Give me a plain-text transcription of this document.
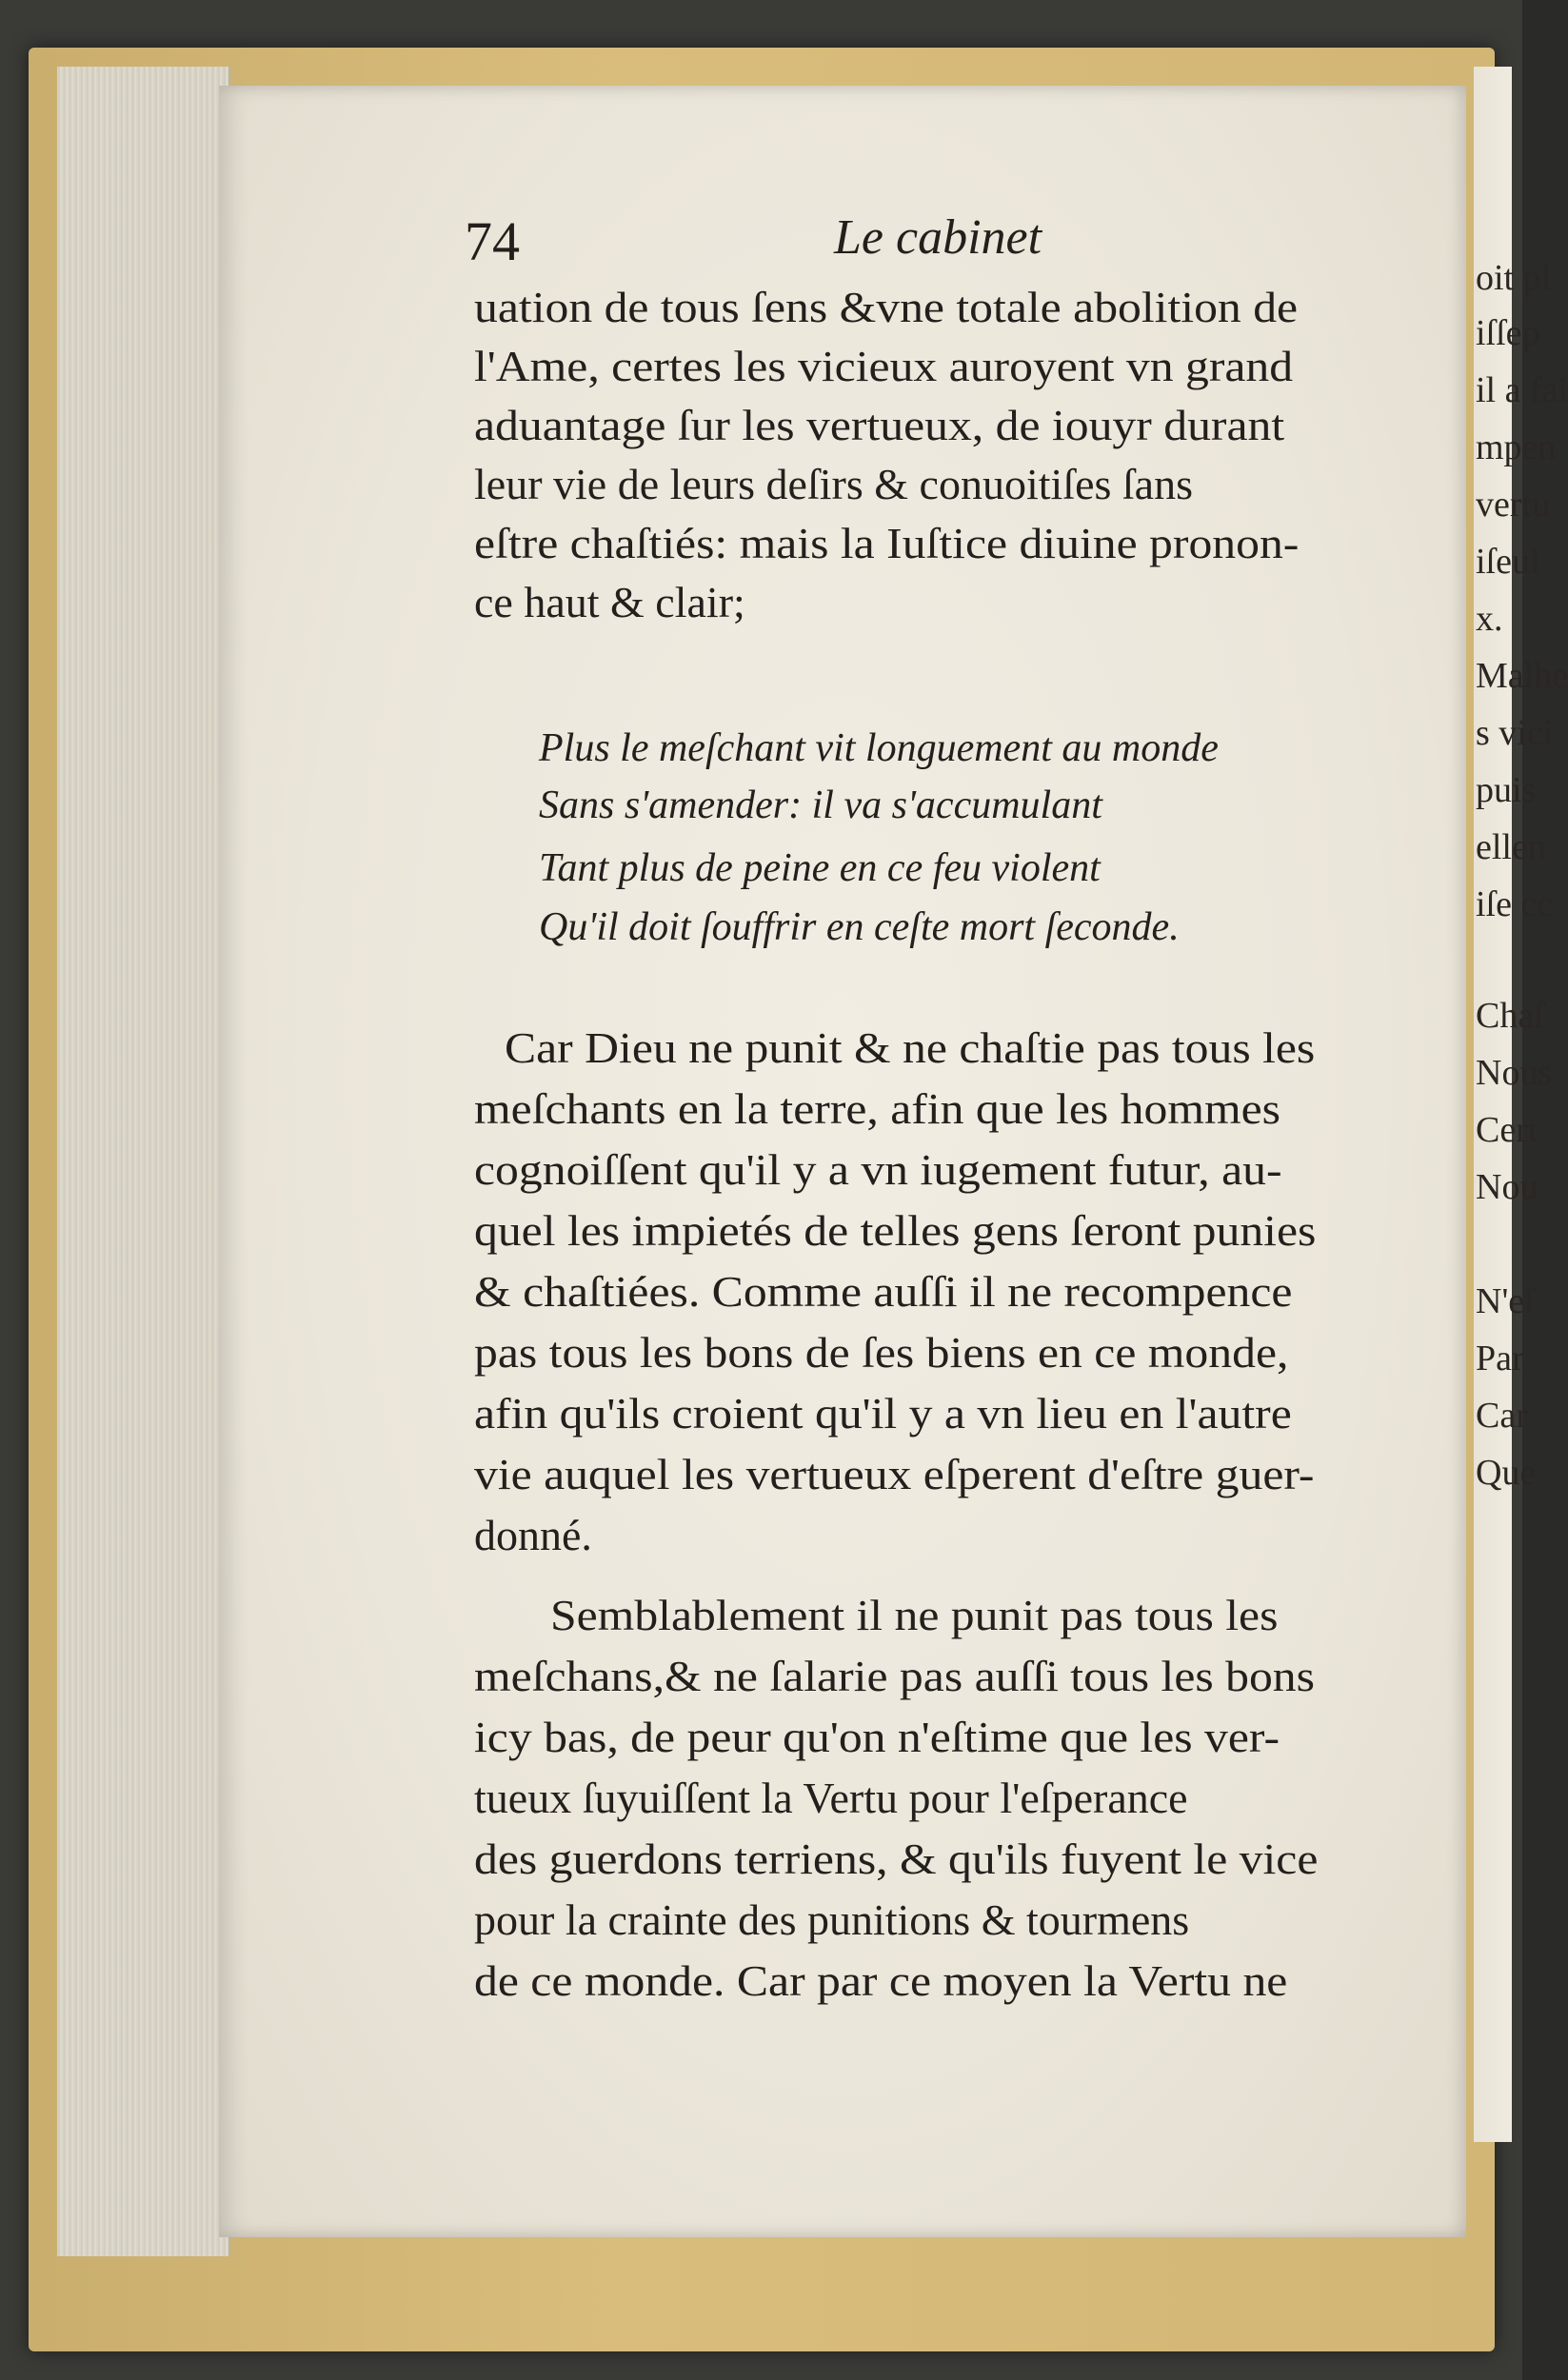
oit pl
iſſep
il a fai
mpen
vertu
iſeul
x.
Malhe
s vici
puis
ellen
iſe cc
Chaſ
Nous
Cert
Nou
N'eſ
Par
Car
Que
74	Le cabinet
uation de tous ſens &vne totale abolition de
l'Ame, certes les vicieux auroyent vn grand
aduantage ſur les vertueux, de iouyr durant
leur vie de leurs deſirs & conuoitiſes ſans
eſtre chaſtiés: mais la Iuſtice diuine pronon-
ce haut & clair;
Plus le meſchant vit longuement au monde
Sans s'amender: il va s'accumulant
Tant plus de peine en ce feu violent
Qu'il doit ſouffrir en ceſte mort ſeconde.
Car Dieu ne punit & ne chaſtie pas tous les
meſchants en la terre, afin que les hommes
cognoiſſent qu'il y a vn iugement futur, au-
quel les impietés de telles gens ſeront punies
& chaſtiées. Comme auſſi il ne recompence
pas tous les bons de ſes biens en ce monde,
afin qu'ils croient qu'il y a vn lieu en l'autre
vie auquel les vertueux eſperent d'eſtre guer-
donné.
Semblablement il ne punit pas tous les
meſchans,& ne ſalarie pas auſſi tous les bons
icy bas, de peur qu'on n'eſtime que les ver-
tueux ſuyuiſſent la Vertu pour l'eſperance
des guerdons terriens, & qu'ils fuyent le vice
pour la crainte des punitions & tourmens
de ce monde. Car par ce moyen la Vertu ne
